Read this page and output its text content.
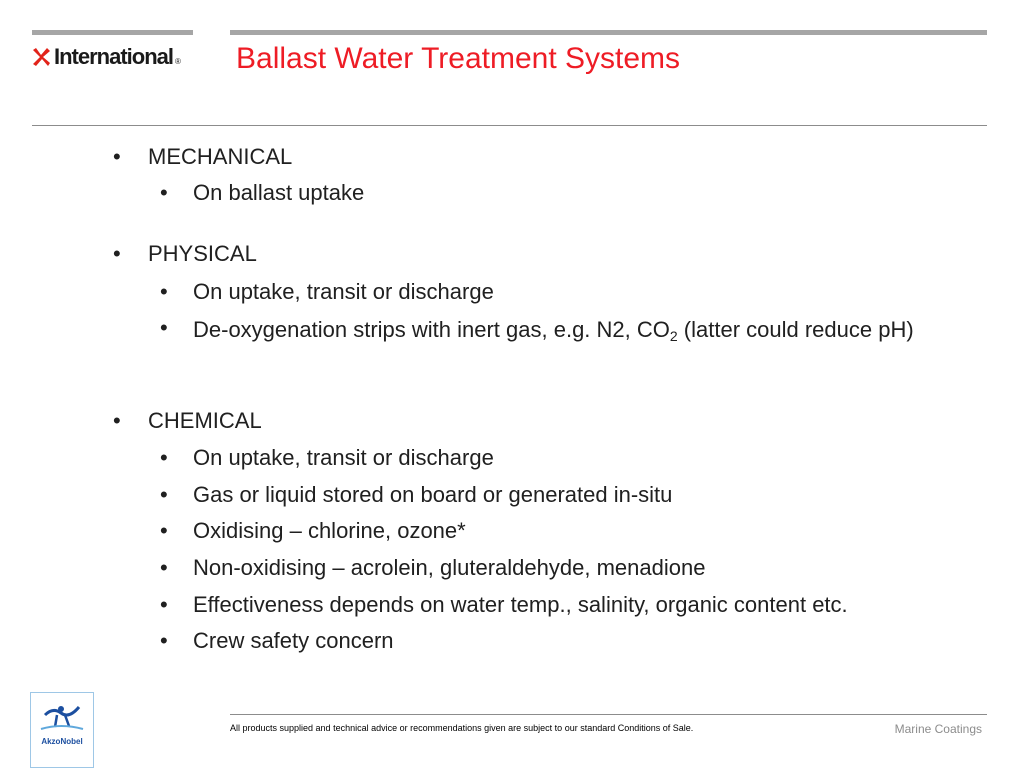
International ® Ballast Water Treatment Systems
• MECHANICAL
• On ballast uptake
• PHYSICAL
• On uptake, transit or discharge
• De-oxygenation strips with inert gas, e.g. N2, $CO_2$ (latter could reduce pH)
• CHEMICAL
• On uptake, transit or discharge
• Gas or liquid stored on board or generated in-situ
• Oxidising – chlorine, ozone*
• Non-oxidising – acrolein, gluteraldehyde, menadione
• Effectiveness depends on water temp., salinity, organic content etc.
• Crew safety concern
AkzoNobel
All products supplied and technical advice or recommendations given are subject to our standard Conditions of Sale.	Marine Coatings
